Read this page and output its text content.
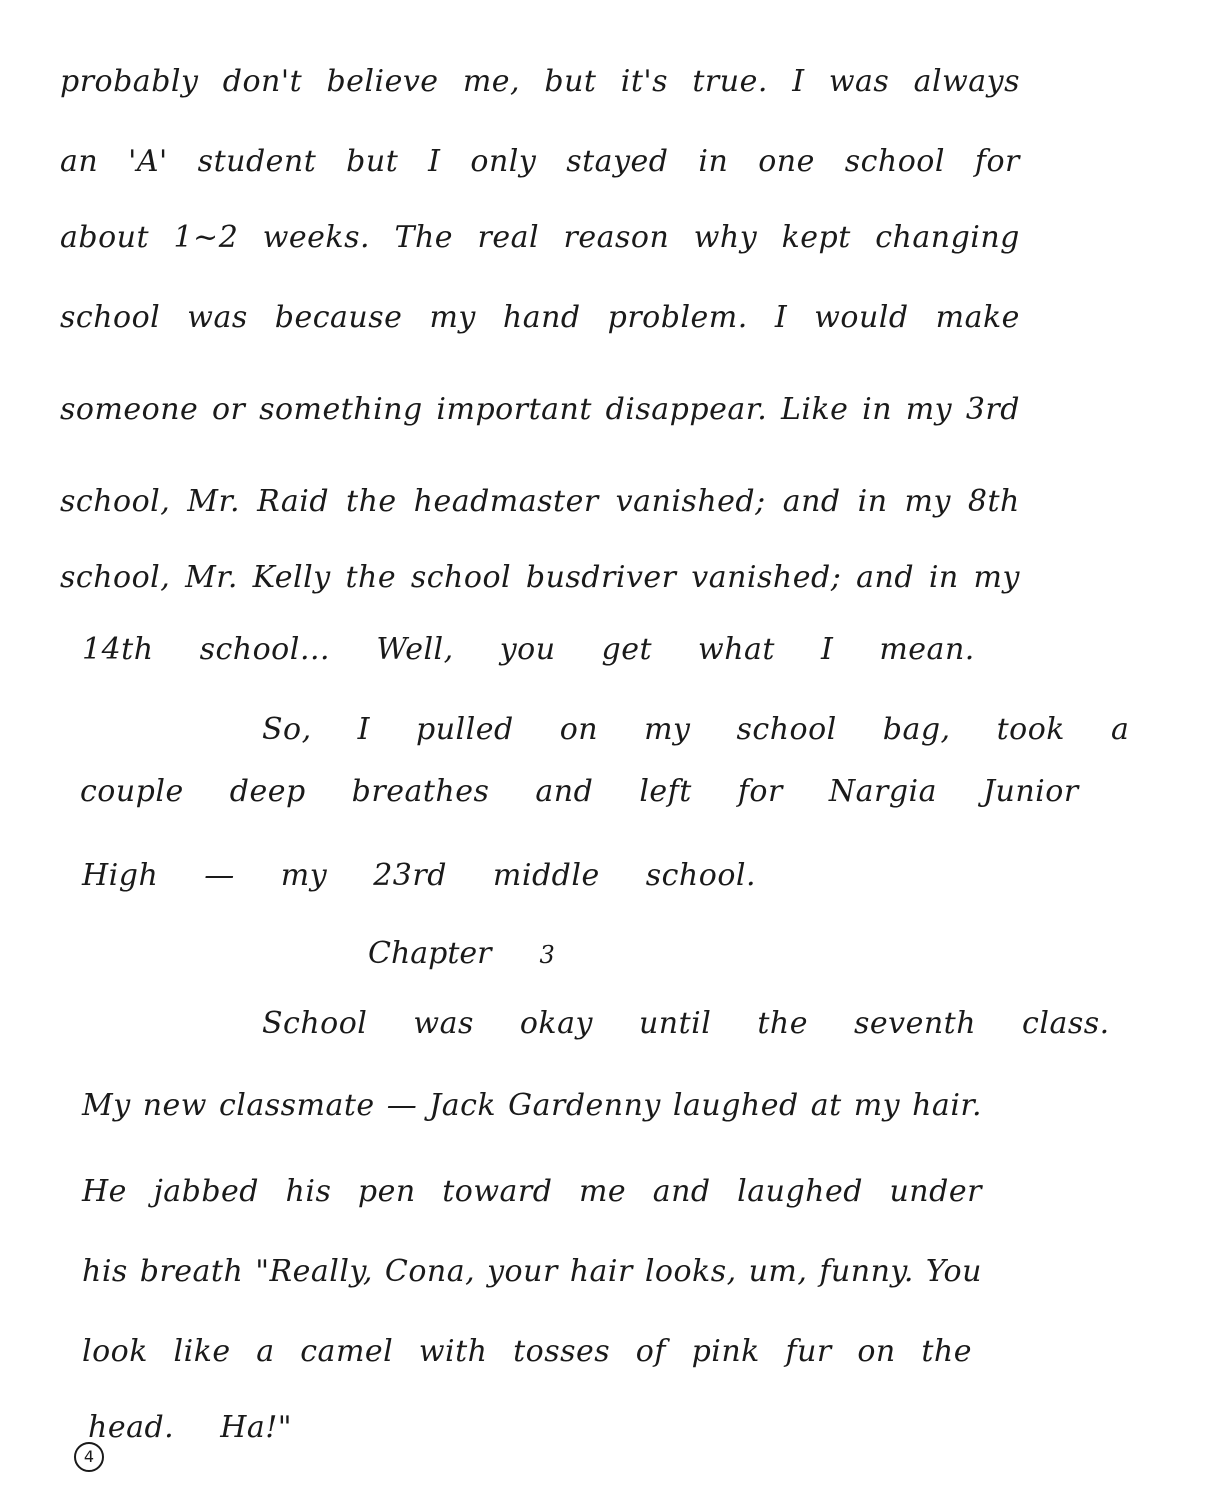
probably don't believe me, but it's true. I was always
an 'A' student but I only stayed in one school for
about 1~2 weeks. The real reason why kept changing
school was because my hand problem. I would make
someone or something important disappear. Like in my 3rd
school, Mr. Raid the headmaster vanished; and in my 8th
school, Mr. Kelly the school busdriver vanished; and in my
14th school… Well, you get what I mean.
So, I pulled on my school bag, took a
couple deep breathes and left for Nargia Junior
High — my 23rd middle school.
Chapter 3
School was okay until the seventh class.
My new classmate — Jack Gardenny laughed at my hair.
He jabbed his pen toward me and laughed under
his breath "Really, Cona, your hair looks, um, funny. You
look like a camel with tosses of pink fur on the
head. Ha!"
4
